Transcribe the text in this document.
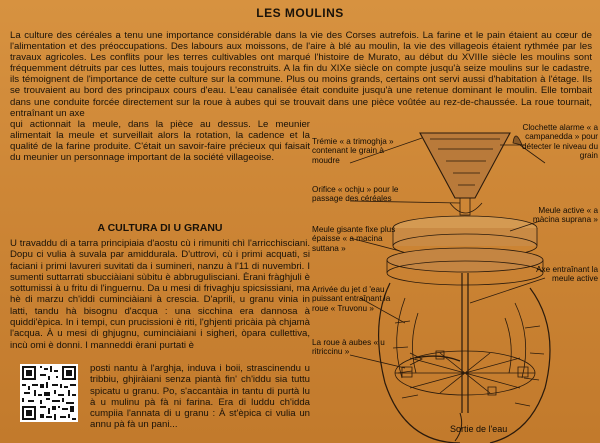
LES MOULINS
La culture des céréales a tenu une importance considérable dans la vie des Corses autrefois. La farine et le pain étaient au cœur de l'alimentation et des préoccupations. Des labours aux moissons, de l'aire à blé au moulin, la vie des villageois étaient rythmée par les travaux agricoles. Les conflits pour les terres cultivables ont marqué l'histoire de Murato, au début du XVIIIe siècle les moulins sont fréquemment détruits par ces luttes, mais toujours reconstruits. A la fin du XIXe siècle on compte jusqu'à seize moulins sur le cadastre, ils témoignent de l'importance de cette culture sur la commune. Plus ou moins grands, certains ont servi aussi d'habitation à l'étage. Ils se trouvaient au bord des principaux cours d'eau. L'eau canalisée était conduite jusqu'à une retenue dominant le moulin. Elle tombait dans une conduite forcée directement sur la roue à aubes qui se trouvait dans une pièce voûtée au rez-de-chaussée. La roue tournait, entraînant un axe
qui actionnait la meule, dans la pièce au dessus. Le meunier alimentait la meule et surveillait alors la rotation, la cadence et la qualité de la farine produite. C'était un savoir-faire précieux qui faisait du meunier un personnage important de la société villageoise.
A CULTURA DI U GRANU
U travaddu di a tarra principiaia d'aostu cù i rimuniti chì l'arricchisciani. Dopu ci vulia à suvala par amiddurala. D'uttrovi, cù i primi acquati, si faciani i primi lavureri suvitati da i sumineri, nanzu à l'11 di nuvembri. I sumenti suttarrati sbucciàiani sùbitu è abbrugulisciani. Èrani fràghjuli è sottumissi à u fritu di l'inguernu. Da u mesi di frivaghju spicsissiani, ma hè di marzu ch'iddi cuminciàiani à crescia. D'aprili, u granu vinia in latti, tandu hà bisognu d'acqua : una sicchina era dannosa à quiddi'èpica. In i tempi, cun prucissioni è riti, l'ghjenti pricàia pà chjamà l'acqua. À u mesi di ghjugnu, cuminciàiani i sigheri, òpara cullettiva, incù omi è donni. I manneddi èrani purtati è
posti nantu à l'arghja, induva i boii, strascinendu u tribbiu, ghjiràiani senza piantà fin' ch'iddu sia tuttu spicatu u granu. Po, s'accantàia in tantu di purtà lu à u mulinu pà fà ni farina. Era di luddu ch'idda cumpiia l'annata di u granu : À st'èpica ci vulia un annu pà fà un pani...
Trémie « a trimoghja » contenant le grain à moudre
Orifice « ochju » pour le passage des céréales
Meule gisante fixe plus épaisse « a macina suttana »
Arrivée du jet d 'eau puissant entraînant la roue « Truvonu »
La roue à aubes « u ritriccinu »
Clochette alarme « a campanedda » pour détecter le niveau du grain
Meule active « a màcina suprana »
Axe entraînant la meule active
Sortie de l'eau
